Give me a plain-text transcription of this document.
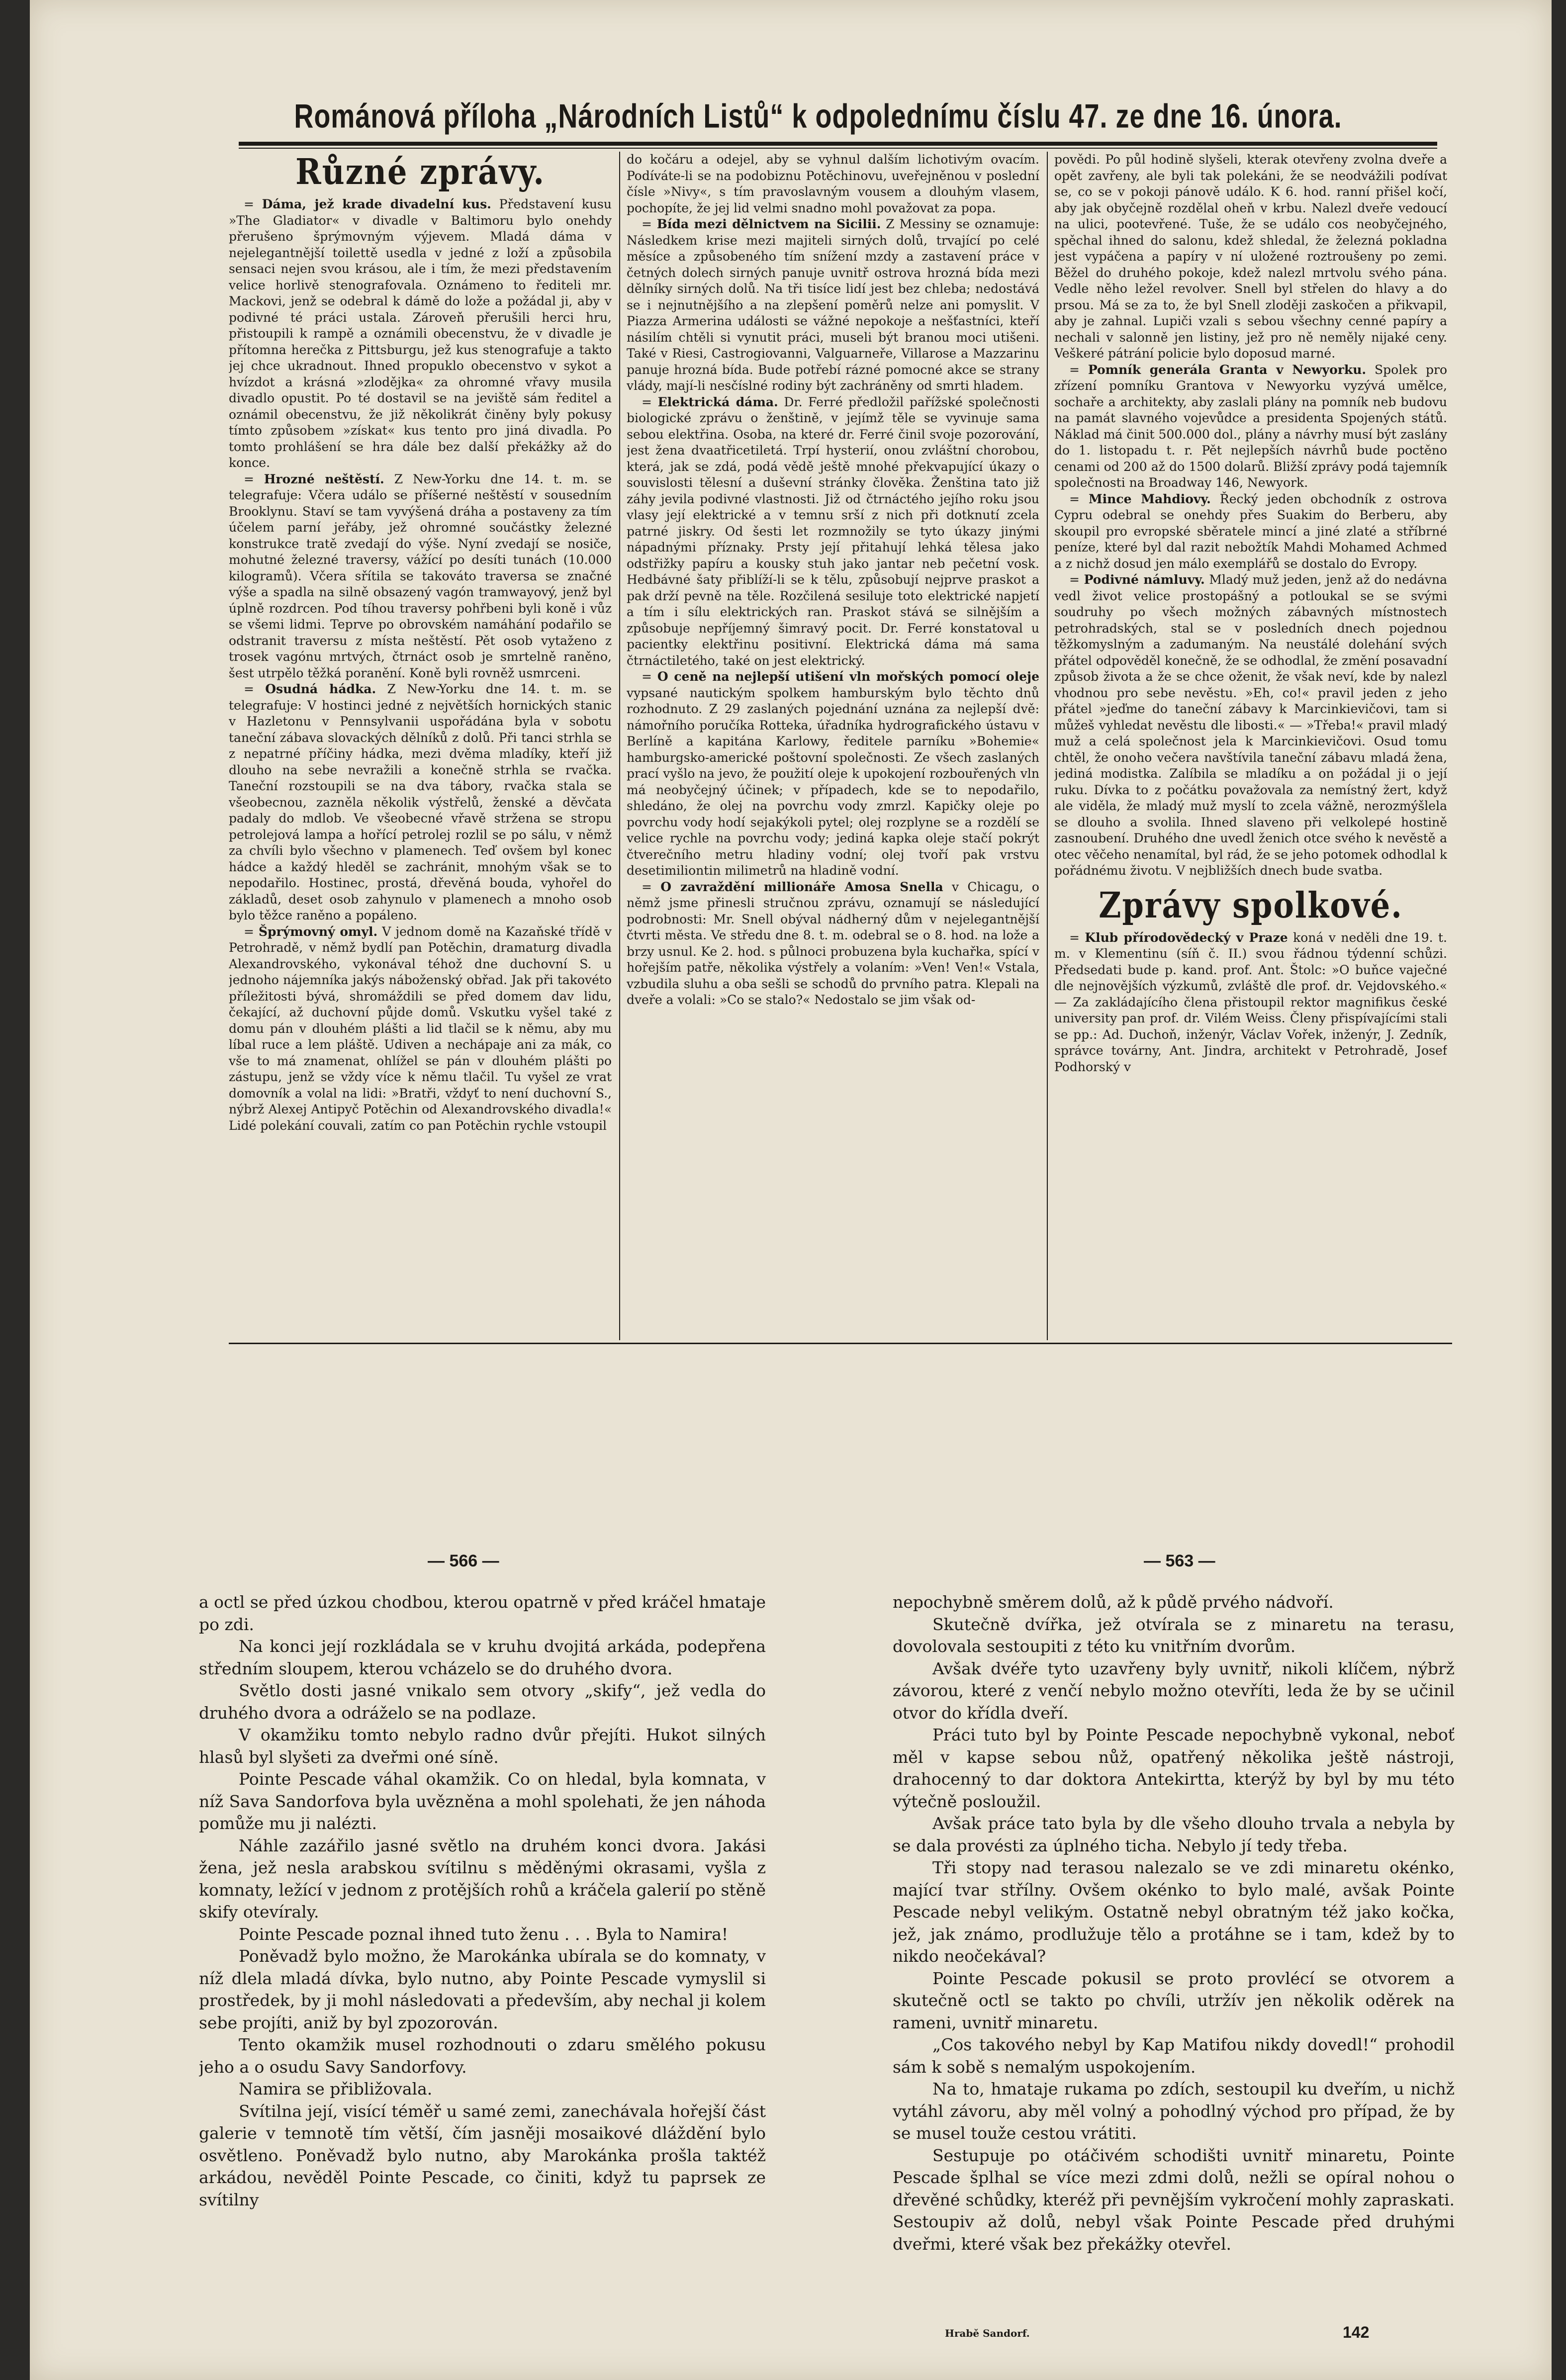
Románová příloha „Národních Listů“ k odpolednímu číslu 47. ze dne 16. února.
Různé zprávy.

= Dáma, jež krade divadelní kus. Představení kusu »The Gladiator« v divadle v Baltimoru bylo onehdy přerušeno šprýmovným výjevem. Mladá dáma v nejelegantnější toilettě usedla v jedné z loží a způsobila sensaci nejen svou krásou, ale i tím, že mezi představením velice horlivě stenografovala. Oznámeno to řediteli mr. Mackovi, jenž se odebral k dámě do lože a požádal ji, aby v podivné té práci ustala. Zároveň přerušili herci hru, přistoupili k rampě a oznámili obecenstvu, že v divadle je přítomna herečka z Pittsburgu, jež kus stenografuje a takto jej chce ukradnout. Ihned propuklo obecenstvo v sykot a hvízdot a krásná »zlodějka« za ohromné vřavy musila divadlo opustit. Po té dostavil se na jeviště sám ředitel a oznámil obecenstvu, že již několikrát činěny byly pokusy tímto způsobem »získat« kus tento pro jiná divadla. Po tomto prohlášení se hra dále bez další překážky až do konce.

= Hrozné neštěstí. Z New-Yorku dne 14. t. m. se telegrafuje: Včera událo se příšerné neštěstí v sousedním Brooklynu. Staví se tam vyvýšená dráha a postaveny za tím účelem parní jeřáby, jež ohromné součástky železné konstrukce tratě zvedají do výše. Nyní zvedají se nosiče, mohutné železné traversy, vážící po desíti tunách (10.000 kilogramů). Včera sřítila se takováto traversa se značné výše a spadla na silně obsazený vagón tramwayový, jenž byl úplně rozdrcen. Pod tíhou traversy pohřbeni byli koně i vůz se všemi lidmi. Teprve po obrovském namáhání podařilo se odstranit traversu z místa neštěstí. Pět osob vytaženo z trosek vagónu mrtvých, čtrnáct osob je smrtelně raněno, šest utrpělo těžká poranění. Koně byli rovněž usmrceni.

= Osudná hádka. Z New-Yorku dne 14. t. m. se telegrafuje: V hostinci jedné z největších hornických stanic v Hazletonu v Pennsylvanii uspořádána byla v sobotu taneční zábava slovackých dělníků z dolů. Při tanci strhla se z nepatrné příčiny hádka, mezi dvěma mladíky, kteří již dlouho na sebe nevražili a konečně strhla se rvačka. Taneční rozstoupili se na dva tábory, rvačka stala se všeobecnou, zazněla několik výstřelů, ženské a děvčata padaly do mdlob. Ve všeobecné vřavě stržena se stropu petrolejová lampa a hořící petrolej rozlil se po sálu, v němž za chvíli bylo všechno v plamenech. Teď ovšem byl konec hádce a každý hleděl se zachránit, mnohým však se to nepodařilo. Hostinec, prostá, dřevěná bouda, vyhořel do základů, deset osob zahynulo v plamenech a mnoho osob bylo těžce raněno a popáleno.

= Šprýmovný omyl. V jednom domě na Kazaňské třídě v Petrohradě, v němž bydlí pan Potěchin, dramaturg divadla Alexandrovského, vykonával téhož dne duchovní S. u jednoho nájemníka jakýs náboženský obřad. Jak při takovéto příležitosti bývá, shromáždili se před domem dav lidu, čekající, až duchovní půjde domů. Vskutku vyšel také z domu pán v dlouhém plášti a lid tlačil se k němu, aby mu líbal ruce a lem pláště. Udiven a nechápaje ani za mák, co vše to má znamenat, ohlížel se pán v dlouhém plášti po zástupu, jenž se vždy více k němu tlačil. Tu vyšel ze vrat domovník a volal na lidi: »Bratři, vždyť to není duchovní S., nýbrž Alexej Antipyč Potěchin od Alexandrovského divadla!« Lidé polekání couvali, zatím co pan Potěchin rychle vstoupil

do kočáru a odejel, aby se vyhnul dalším lichotivým ovacím. Podíváte-li se na podobiznu Potěchinovu, uveřejněnou v poslední čísle »Nivy«, s tím pravoslavným vousem a dlouhým vlasem, pochopíte, že jej lid velmi snadno mohl považovat za popa.

= Bída mezi dělnictvem na Sicilii. Z Messiny se oznamuje: Následkem krise mezi majiteli sirných dolů, trvající po celé měsíce a způsobeného tím snížení mzdy a zastavení práce v četných dolech sirných panuje uvnitř ostrova hrozná bída mezi dělníky sirných dolů. Na tři tisíce lidí jest bez chleba; nedostává se i nejnutnějšího a na zlepšení poměrů nelze ani pomyslit. V Piazza Armerina události se vážné nepokoje a nešťastníci, kteří násilím chtěli si vynutit práci, museli být branou moci utišeni. Také v Riesi, Castrogiovanni, Valguarneře, Villarose a Mazzarinu panuje hrozná bída. Bude potřebí rázné pomocné akce se strany vlády, mají-li nesčíslné rodiny být zachráněny od smrti hladem.

= Elektrická dáma. Dr. Ferré předložil pařížské společnosti biologické zprávu o ženštině, v jejímž těle se vyvinuje sama sebou elektřina. Osoba, na které dr. Ferré činil svoje pozorování, jest žena dvaatřicetiletá. Trpí hysterií, onou zvláštní chorobou, která, jak se zdá, podá vědě ještě mnohé překvapující úkazy o souvislosti tělesní a duševní stránky člověka. Ženština tato již záhy jevila podivné vlastnosti. Již od čtrnáctého jejího roku jsou vlasy její elektrické a v temnu srší z nich při dotknutí zcela patrné jiskry. Od šesti let rozmnožily se tyto úkazy jinými nápadnými příznaky. Prsty její přitahují lehká tělesa jako odstřižky papíru a kousky stuh jako jantar neb pečetní vosk. Hedbávné šaty přiblíží-li se k tělu, způsobují nejprve praskot a pak drží pevně na těle. Rozčilená sesiluje toto elektrické napjetí a tím i sílu elektrických ran. Praskot stává se silnějším a způsobuje nepříjemný šimravý pocit. Dr. Ferré konstatoval u pacientky elektřinu positivní. Elektrická dáma má sama čtrnáctiletého, také on jest elektrický.

= O ceně na nejlepší utišení vln mořských pomocí oleje vypsané nautickým spolkem hamburským bylo těchto dnů rozhodnuto. Z 29 zaslaných pojednání uznána za nejlepší dvě: námořního poručíka Rotteka, úřadníka hydrografického ústavu v Berlíně a kapitána Karlowy, ředitele parníku »Bohemie« hamburgsko-americké poštovní společnosti. Ze všech zaslaných prací vyšlo na jevo, že použití oleje k upokojení rozbouřených vln má neobyčejný účinek; v případech, kde se to nepodařilo, shledáno, že olej na povrchu vody zmrzl. Kapičky oleje po povrchu vody hodí sejakýkoli pytel; olej rozplyne se a rozdělí se velice rychle na povrchu vody; jediná kapka oleje stačí pokrýt čtverečního metru hladiny vodní; olej tvoří pak vrstvu desetimiliontin milimetrů na hladině vodní.

= O zavraždění millionáře Amosa Snella v Chicagu, o němž jsme přinesli stručnou zprávu, oznamují se následující podrobnosti: Mr. Snell obýval nádherný dům v nejelegantnější čtvrti města. Ve středu dne 8. t. m. odebral se o 8. hod. na lože a brzy usnul. Ke 2. hod. s půlnoci probuzena byla kuchařka, spící v hořejším patře, několika výstřely a volaním: »Ven! Ven!« Vstala, vzbudila sluhu a oba sešli se schodů do prvního patra. Klepali na dveře a volali: »Co se stalo?« Nedostalo se jim však od-

povědi. Po půl hodině slyšeli, kterak otevřeny zvolna dveře a opět zavřeny, ale byli tak polekáni, že se neodvážili podívat se, co se v pokoji pánově událo. K 6. hod. ranní přišel kočí, aby jak obyčejně rozdělal oheň v krbu. Nalezl dveře vedoucí na ulici, pootevřené. Tuše, že se událo cos neobyčejného, spěchal ihned do salonu, kdež shledal, že železná pokladna jest vypáčena a papíry v ní uložené roztroušeny po zemi. Běžel do druhého pokoje, kdež nalezl mrtvolu svého pána. Vedle něho ležel revolver. Snell byl střelen do hlavy a do prsou. Má se za to, že byl Snell zloději zaskočen a přikvapil, aby je zahnal. Lupiči vzali s sebou všechny cenné papíry a nechali v salonně jen listiny, jež pro ně neměly nijaké ceny. Veškeré pátrání policie bylo doposud marné.

= Pomník generála Granta v Newyorku. Spolek pro zřízení pomníku Grantova v Newyorku vyzývá umělce, sochaře a architekty, aby zaslali plány na pomník neb budovu na památ slavného vojevůdce a presidenta Spojených států. Náklad má činit 500.000 dol., plány a návrhy musí být zaslány do 1. listopadu t. r. Pět nejlepších návrhů bude poctěno cenami od 200 až do 1500 dolarů. Bližší zprávy podá tajemník společnosti na Broadway 146, Newyork.

= Mince Mahdiovy. Řecký jeden obchodník z ostrova Cypru odebral se onehdy přes Suakim do Berberu, aby skoupil pro evropské sběratele mincí a jiné zlaté a stříbrné peníze, které byl dal razit nebožtík Mahdi Mohamed Achmed a z nichž dosud jen málo exemplářů se dostalo do Evropy.

= Podivné námluvy. Mladý muž jeden, jenž až do nedávna vedl život velice prostopášný a potloukal se se svými soudruhy po všech možných zábavných místnostech petrohradských, stal se v posledních dnech pojednou těžkomyslným a zadumaným. Na neustálé dolehání svých přátel odpověděl konečně, že se odhodlal, že změní posavadní způsob života a že se chce oženit, že však neví, kde by nalezl vhodnou pro sebe nevěstu. »Eh, co!« pravil jeden z jeho přátel »jeďme do taneční zábavy k Marcinkievičovi, tam si můžeš vyhledat nevěstu dle libosti.« — »Třeba!« pravil mladý muž a celá společnost jela k Marcinkievičovi. Osud tomu chtěl, že onoho večera navštívila taneční zábavu mladá žena, jediná modistka. Zalíbila se mladíku a on požádal ji o její ruku. Dívka to z počátku považovala za nemístný žert, když ale viděla, že mladý muž myslí to zcela vážně, nerozmýšlela se dlouho a svolila. Ihned slaveno při velkolepé hostině zasnoubení. Druhého dne uvedl ženich otce svého k nevěstě a otec věčeho nenamítal, byl rád, že se jeho potomek odhodlal k pořádnému životu. V nejbližších dnech bude svatba.

Zprávy spolkové.

= Klub přírodovědecký v Praze koná v neděli dne 19. t. m. v Klementinu (síň č. II.) svou řádnou týdenní schůzi. Předsedati bude p. kand. prof. Ant. Štolc: »O buňce vaječné dle nejnovějších výzkumů, zvláště dle prof. dr. Vejdovského.« — Za zakládajícího člena přistoupil rektor magnifikus české university pan prof. dr. Vilém Weiss. Členy přispívajícími stali se pp.: Ad. Duchoň, inženýr, Václav Vořek, inženýr, J. Zedník, správce továrny, Ant. Jindra, architekt v Petrohradě, Josef Podhorský v

— 566 —	— 563 —

a octl se před úzkou chodbou, kterou opatrně v před kráčel hmataje po zdi.

Na konci její rozkládala se v kruhu dvojitá arkáda, podepřena středním sloupem, kterou vcházelo se do druhého dvora.

Světlo dosti jasné vnikalo sem otvory „skify“, jež vedla do druhého dvora a odráželo se na podlaze.

V okamžiku tomto nebylo radno dvůr přejíti. Hukot silných hlasů byl slyšeti za dveřmi oné síně.

Pointe Pescade váhal okamžik. Co on hledal, byla komnata, v níž Sava Sandorfova byla uvězněna a mohl spolehati, že jen náhoda pomůže mu ji nalézti.

Náhle zazářilo jasné světlo na druhém konci dvora. Jakási žena, jež nesla arabskou svítilnu s měděnými okrasami, vyšla z komnaty, ležící v jednom z protějších rohů a kráčela galerií po stěně skify otevíraly.

Pointe Pescade poznal ihned tuto ženu . . . Byla to Namira!

Poněvadž bylo možno, že Marokánka ubírala se do komnaty, v níž dlela mladá dívka, bylo nutno, aby Pointe Pescade vymyslil si prostředek, by ji mohl následovati a především, aby nechal ji kolem sebe projíti, aniž by byl zpozorován.

Tento okamžik musel rozhodnouti o zdaru smělého pokusu jeho a o osudu Savy Sandorfovy.

Namira se přibližovala.

Svítilna její, visící téměř u samé zemi, zanechávala hořejší část galerie v temnotě tím větší, čím jasněji mosaikové dláždění bylo osvětleno. Poněvadž bylo nutno, aby Marokánka prošla taktéž arkádou, nevěděl Pointe Pescade, co činiti, když tu paprsek ze svítilny

nepochybně směrem dolů, až k půdě prvého nádvoří.

Skutečně dvířka, jež otvírala se z minaretu na terasu, dovolovala sestoupiti z této ku vnitřním dvorům.

Avšak dvéře tyto uzavřeny byly uvnitř, nikoli klíčem, nýbrž závorou, které z venčí nebylo možno otevříti, leda že by se učinil otvor do křídla dveří.

Práci tuto byl by Pointe Pescade nepochybně vykonal, neboť měl v kapse sebou nůž, opatřený několika ještě nástroji, drahocenný to dar doktora Antekirtta, kterýž by byl by mu této výtečně posloužil.

Avšak práce tato byla by dle všeho dlouho trvala a nebyla by se dala provésti za úplného ticha. Nebylo jí tedy třeba.

Tři stopy nad terasou nalezalo se ve zdi minaretu okénko, mající tvar střílny. Ovšem okénko to bylo malé, avšak Pointe Pescade nebyl velikým. Ostatně nebyl obratným též jako kočka, jež, jak známo, prodlužuje tělo a protáhne se i tam, kdež by to nikdo neočekával?

Pointe Pescade pokusil se proto provlécí se otvorem a skutečně octl se takto po chvíli, utržív jen několik oděrek na rameni, uvnitř minaretu.

„Cos takového nebyl by Kap Matifou nikdy dovedl!“ prohodil sám k sobě s nemalým uspokojením.

Na to, hmataje rukama po zdích, sestoupil ku dveřím, u nichž vytáhl závoru, aby měl volný a pohodlný východ pro případ, že by se musel touže cestou vrátiti.

Sestupuje po otáčivém schodišti uvnitř minaretu, Pointe Pescade šplhal se více mezi zdmi dolů, nežli se opíral nohou o dřevěné schůdky, kteréž při pevnějším vykročení mohly zapraskati. Sestoupiv až dolů, nebyl však Pointe Pescade před druhými dveřmi, které však bez překážky otevřel.

Hrabě Sandorf.	142
